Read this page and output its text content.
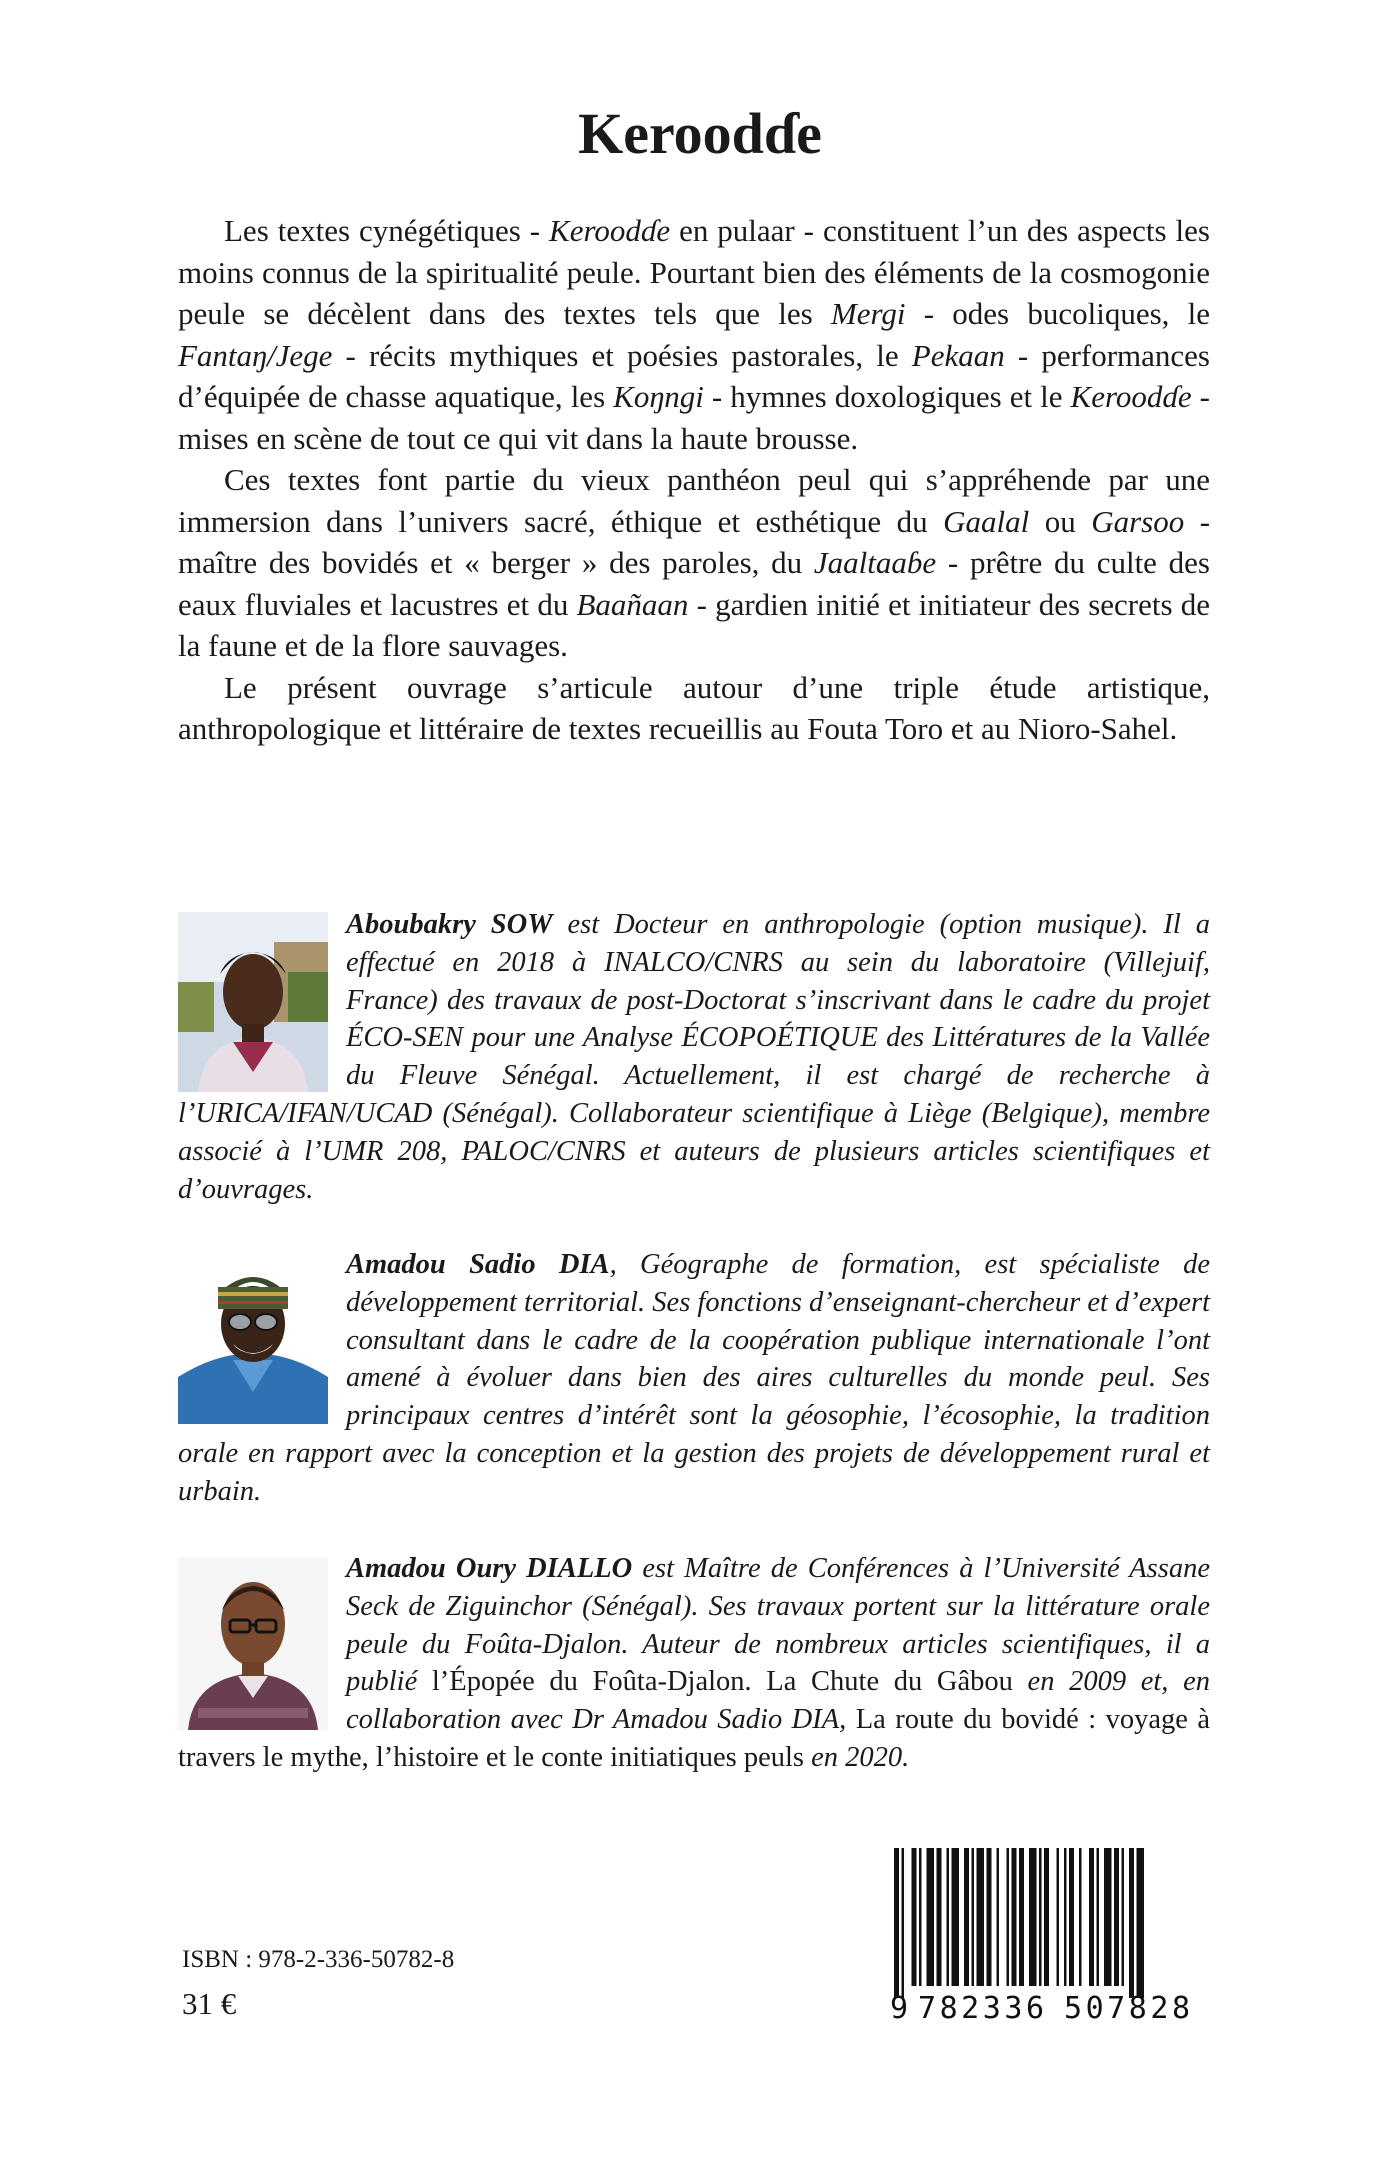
Keroodɗe

Les textes cynégétiques - Keroodɗe en pulaar - constituent l’un des aspects les moins connus de la spiritualité peule. Pourtant bien des éléments de la cosmogonie peule se décèlent dans des textes tels que les Mergi - odes bucoliques, le Fantaŋ/Jege - récits mythiques et poésies pastorales, le Pekaan - performances d’équipée de chasse aquatique, les Koŋngi - hymnes doxologiques et le Keroodɗe - mises en scène de tout ce qui vit dans la haute brousse.

Ces textes font partie du vieux panthéon peul qui s’appréhende par une immersion dans l’univers sacré, éthique et esthétique du Gaalal ou Garsoo - maître des bovidés et « berger » des paroles, du Jaaltaaɓe - prêtre du culte des eaux fluviales et lacustres et du Baañaan - gardien initié et initiateur des secrets de la faune et de la flore sauvages.

Le présent ouvrage s’articule autour d’une triple étude artistique, anthropologique et littéraire de textes recueillis au Fouta Toro et au Nioro-Sahel.

Aboubakry SOW est Docteur en anthropologie (option musique). Il a effectué en 2018 à INALCO/CNRS au sein du laboratoire (Villejuif, France) des travaux de post-Doctorat s’inscrivant dans le cadre du projet ÉCO-SEN pour une Analyse ÉCOPOÉTIQUE des Littératures de la Vallée du Fleuve Sénégal. Actuellement, il est chargé de recherche à l’URICA/IFAN/UCAD (Sénégal). Collaborateur scientifique à Liège (Belgique), membre associé à l’UMR 208, PALOC/CNRS et auteurs de plusieurs articles scientifiques et d’ouvrages.
Amadou Sadio DIA, Géographe de formation, est spécialiste de développement territorial. Ses fonctions d’enseignant-chercheur et d’expert consultant dans le cadre de la coopération publique internationale l’ont amené à évoluer dans bien des aires culturelles du monde peul. Ses principaux centres d’intérêt sont la géosophie, l’écosophie, la tradition orale en rapport avec la conception et la gestion des projets de développement rural et urbain.
Amadou Oury DIALLO est Maître de Conférences à l’Université Assane Seck de Ziguinchor (Sénégal). Ses travaux portent sur la littérature orale peule du Foûta-Djalon. Auteur de nombreux articles scientifiques, il a publié l’Épopée du Foûta-Djalon. La Chute du Gâbou en 2009 et, en collaboration avec Dr Amadou Sadio DIA, La route du bovidé : voyage à travers le mythe, l’histoire et le conte initiatiques peuls en 2020.
ISBN : 978-2-336-50782-8
31 €	9 782336 507828
